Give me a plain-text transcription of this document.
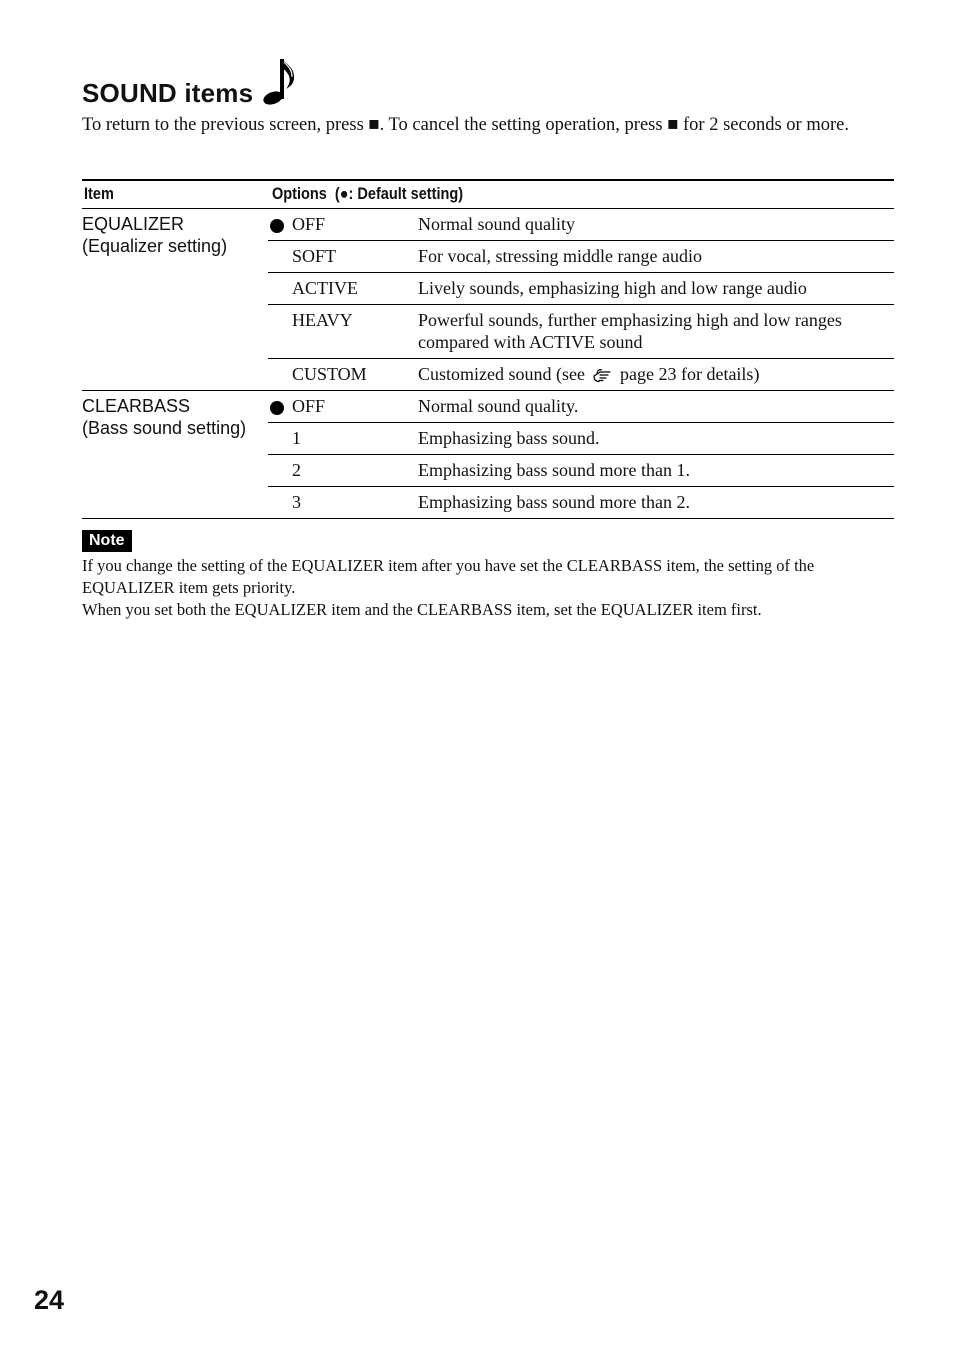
SOUND items
To return to the previous screen, press ■. To cancel the setting operation, press ■ for 2 seconds or more.
Item	Options  (●: Default setting)	

EQUALIZER
(Equalizer setting)	OFF	Normal sound quality

	SOFT	For vocal, stressing middle range audio

	ACTIVE	Lively sounds, emphasizing high and low range audio

	HEAVY	Powerful sounds, further emphasizing high and low ranges compared with ACTIVE sound

	CUSTOM	Customized sound (see page 23 for details)

CLEARBASS
(Bass sound setting)	OFF	Normal sound quality.

	1	Emphasizing bass sound.

	2	Emphasizing bass sound more than 1.

	3	Emphasizing bass sound more than 2.
Note

If you change the setting of the EQUALIZER item after you have set the CLEARBASS item, the setting of the EQUALIZER item gets priority.

When you set both the EQUALIZER item and the CLEARBASS item, set the EQUALIZER item first.

24
